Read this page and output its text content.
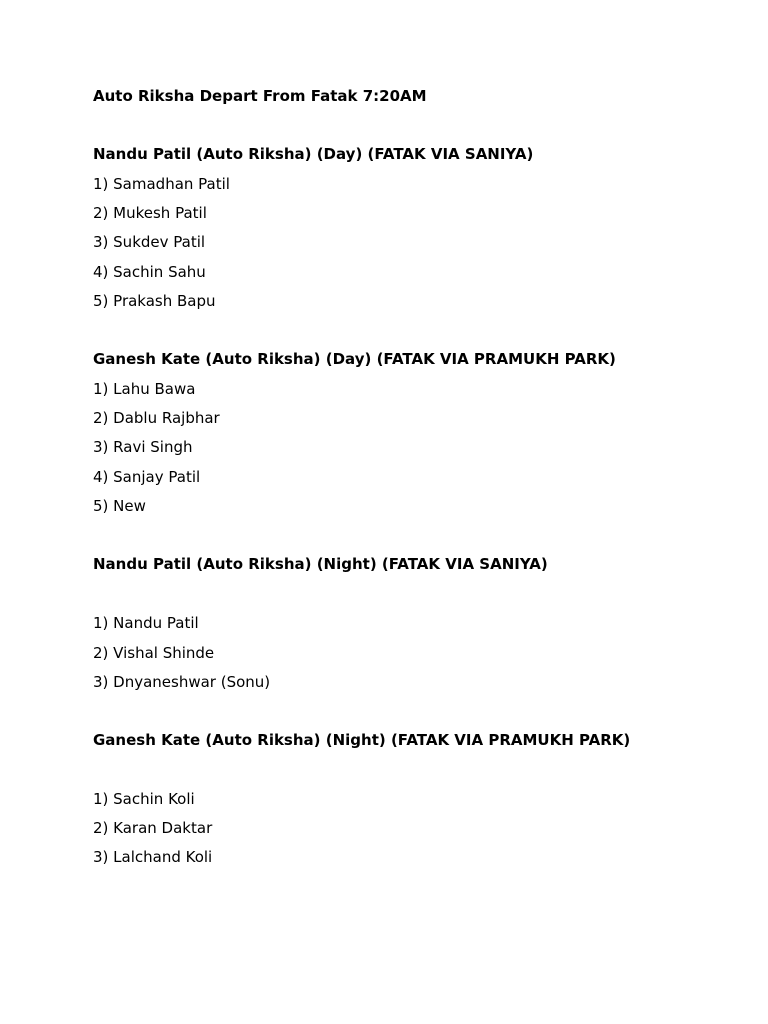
Auto Riksha Depart From Fatak 7:20AM

Nandu Patil (Auto Riksha) (Day) (FATAK VIA SANIYA)

1) Samadhan Patil

2) Mukesh Patil

3) Sukdev Patil

4) Sachin Sahu

5) Prakash Bapu

Ganesh Kate (Auto Riksha) (Day) (FATAK VIA PRAMUKH PARK)

1) Lahu Bawa

2) Dablu Rajbhar

3) Ravi Singh

4) Sanjay Patil

5) New

Nandu Patil (Auto Riksha) (Night) (FATAK VIA SANIYA)

1) Nandu Patil

2) Vishal Shinde

3) Dnyaneshwar (Sonu)

Ganesh Kate (Auto Riksha) (Night) (FATAK VIA PRAMUKH PARK)

1) Sachin Koli

2) Karan Daktar

3) Lalchand Koli
